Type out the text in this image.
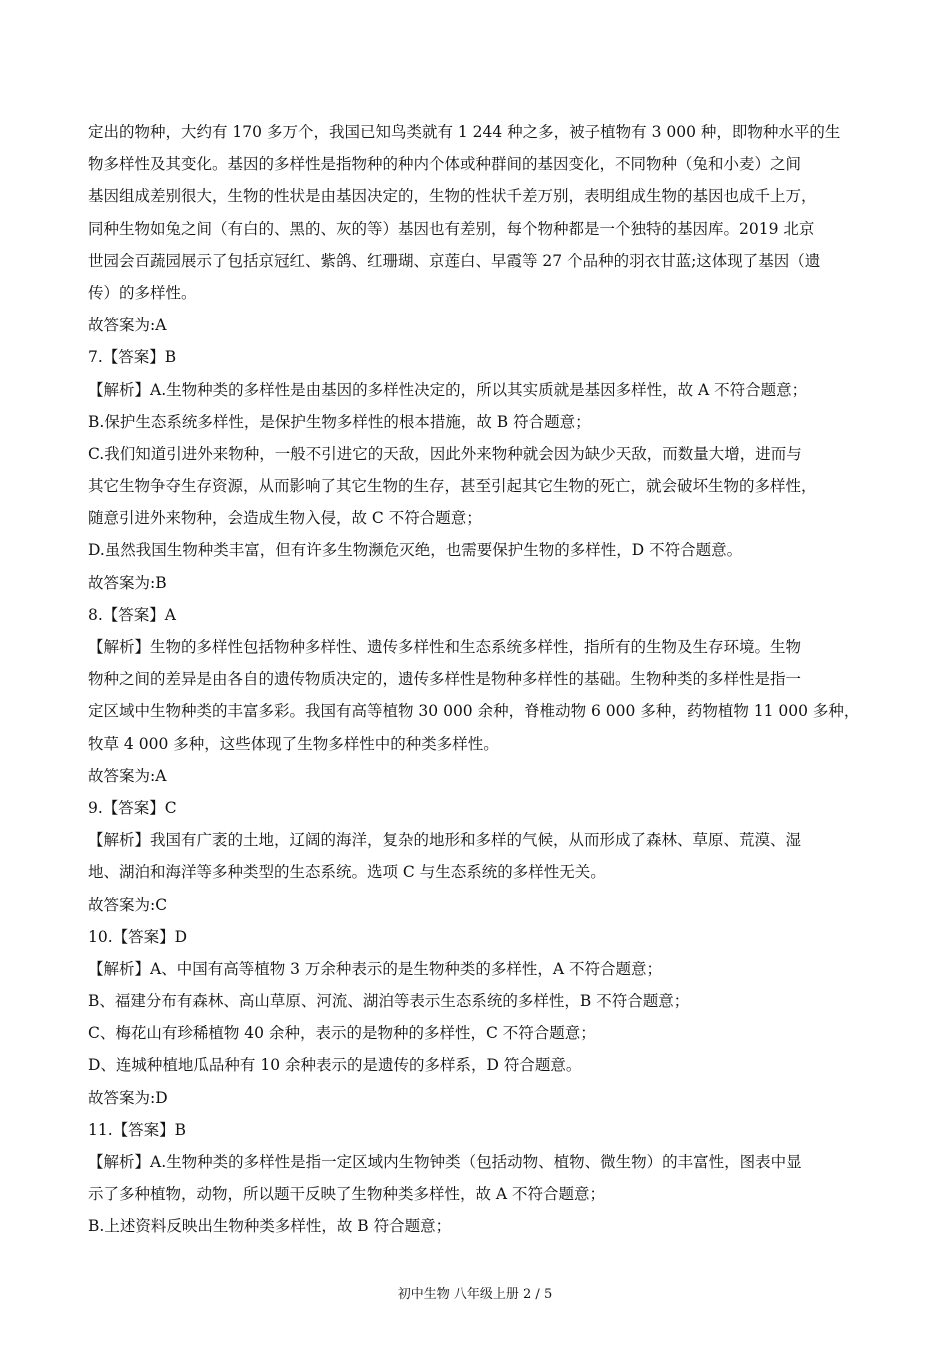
定出的物种，大约有 170 多万个，我国已知鸟类就有 1 244 种之多，被子植物有 3 000 种，即物种水平的生
物多样性及其变化。基因的多样性是指物种的种内个体或种群间的基因变化，不同物种（兔和小麦）之间
基因组成差别很大，生物的性状是由基因决定的，生物的性状千差万别，表明组成生物的基因也成千上万，
同种生物如兔之间（有白的、黑的、灰的等）基因也有差别，每个物种都是一个独特的基因库。2019 北京
世园会百蔬园展示了包括京冠红、紫鸽、红珊瑚、京莲白、早霞等 27 个品种的羽衣甘蓝;这体现了基因（遗
传）的多样性。
故答案为:A
7.【答案】B
【解析】A.生物种类的多样性是由基因的多样性决定的，所以其实质就是基因多样性，故 A 不符合题意；
B.保护生态系统多样性，是保护生物多样性的根本措施，故 B 符合题意；
C.我们知道引进外来物种，一般不引进它的天敌，因此外来物种就会因为缺少天敌，而数量大增，进而与
其它生物争夺生存资源，从而影响了其它生物的生存，甚至引起其它生物的死亡，就会破坏生物的多样性，
随意引进外来物种，会造成生物入侵，故 C 不符合题意；
D.虽然我国生物种类丰富，但有许多生物濒危灭绝，也需要保护生物的多样性，D 不符合题意。
故答案为:B
8.【答案】A
【解析】生物的多样性包括物种多样性、遗传多样性和生态系统多样性，指所有的生物及生存环境。生物
物种之间的差异是由各自的遗传物质决定的，遗传多样性是物种多样性的基础。生物种类的多样性是指一
定区域中生物种类的丰富多彩。我国有高等植物 30 000 余种，脊椎动物 6 000 多种，药物植物 11 000 多种，
牧草 4 000 多种，这些体现了生物多样性中的种类多样性。
故答案为:A
9.【答案】C
【解析】我国有广袤的土地，辽阔的海洋，复杂的地形和多样的气候，从而形成了森林、草原、荒漠、湿
地、湖泊和海洋等多种类型的生态系统。选项 C 与生态系统的多样性无关。
故答案为:C
10.【答案】D
【解析】A、中国有高等植物 3 万余种表示的是生物种类的多样性，A 不符合题意；
B、福建分布有森林、高山草原、河流、湖泊等表示生态系统的多样性，B 不符合题意；
C、梅花山有珍稀植物 40 余种，表示的是物种的多样性，C 不符合题意；
D、连城种植地瓜品种有 10 余种表示的是遗传的多样系，D 符合题意。
故答案为:D
11.【答案】B
【解析】A.生物种类的多样性是指一定区域内生物钟类（包括动物、植物、微生物）的丰富性，图表中显
示了多种植物，动物，所以题干反映了生物种类多样性，故 A 不符合题意；
B.上述资料反映出生物种类多样性，故 B 符合题意；
初中生物 八年级上册 2 / 5
